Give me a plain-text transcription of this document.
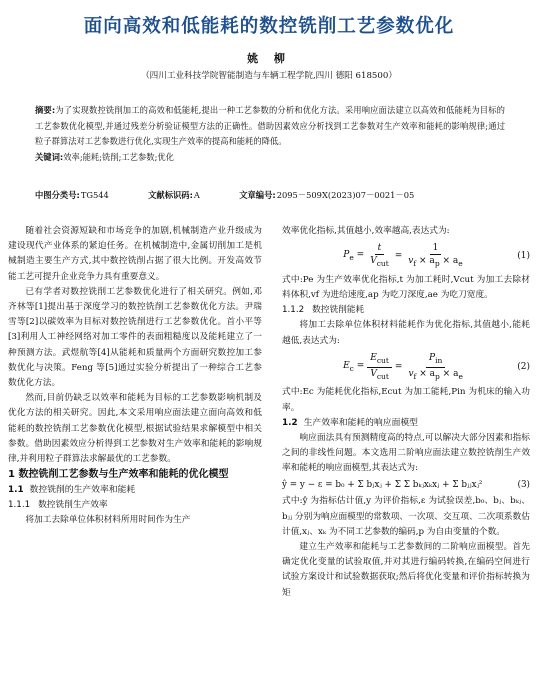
面向高效和低能耗的数控铣削工艺参数优化
姚 柳
（四川工业科技学院智能制造与车辆工程学院,四川 德阳 618500）
摘要:为了实现数控铣削加工的高效和低能耗,提出一种工艺参数的分析和优化方法。采用响应面法建立以高效和低能耗为目标的工艺参数优化模型,并通过残差分析验证模型方法的正确性。借助因素效应分析找到工艺参数对生产效率和能耗的影响规律;通过粒子群算法对工艺参数进行优化,实现生产效率的提高和能耗的降低。
关键词:效率;能耗;铣削;工艺参数;优化
中图分类号:TG544	文献标识码:A	文章编号:2095－509X(2023)07－0021－05

随着社会资源短缺和市场竞争的加剧,机械制造产业升级成为建设现代产业体系的紧迫任务。在机械制造中,金属切削加工是机械制造主要生产方式,其中数控铣削占据了很大比例。开发高效节能工艺可提升企业竞争力具有重要意义。

已有学者对数控铣削工艺参数优化进行了相关研究。例如,邓齐林等[1]提出基于深度学习的数控铣削工艺参数优化方法。尹瑞雪等[2]以碳效率为目标对数控铣削进行工艺参数优化。首小平等[3]利用人工神经网络对加工零件的表面粗糙度以及能耗建立了一种预测方法。武煜航等[4]从能耗和质量两个方面研究数控加工参数优化与决策。Feng 等[5]通过实验分析提出了一种综合工艺参数优化方法。

然而,目前仍缺乏以效率和能耗为目标的工艺参数影响机制及优化方法的相关研究。因此,本文采用响应面法建立面向高效和低能耗的数控铣削工艺参数优化模型,根据试验结果求解模型中相关参数。借助因素效应分析得到工艺参数对生产效率和能耗的影响规律,并利用粒子群算法求解最优的工艺参数。

1 数控铣削工艺参数与生产效率和能耗的优化模型

1.1 数控铣削的生产效率和能耗

1.1.1 数控铣削生产效率

将加工去除单位体积材料所用时间作为生产

效率优化指标,其值越小,效率越高,表达式为:

$P_e = \frac{t}{V_{cut}} = \frac{1}{v_f \times a_p \times a_e}$	(1)

式中:Pe 为生产效率优化指标,t 为加工耗时,Vcut 为加工去除材料体积,vf 为进给速度,ap 为吃刀深度,ae 为吃刀宽度。

1.1.2 数控铣削能耗

将加工去除单位体积材料能耗作为优化指标,其值越小,能耗越低,表达式为:

$E_c = \frac{E_{cut}}{V_{cut}} = \frac{P_{in}}{v_f \times a_p \times a_e}$	(2)

式中:Ec 为能耗优化指标,Ecut 为加工能耗,Pin 为机床的输入功率。

1.2 生产效率和能耗的响应面模型

响应面法具有预测精度高的特点,可以解决大部分因素和指标之间的非线性问题。本文选用二阶响应面法建立数控铣削生产效率和能耗的响应面模型,其表达式为:

ŷ = y − ε = b₀ + Σ bⱼxⱼ + Σ Σ bₖⱼxₖxⱼ + Σ bⱼⱼxⱼ²	(3)

式中:ŷ 为指标估计值,y 为评价指标,ε 为试验误差,b₀、bⱼ、bₖⱼ、bⱼⱼ 分别为响应面模型的常数项、一次项、交互项、二次项系数估计值,xⱼ、xₖ 为不同工艺参数的编码,p 为自由变量的个数。

建立生产效率和能耗与工艺参数间的二阶响应面模型。首先确定优化变量的试验取值,并对其进行编码转换,在编码空间进行试验方案设计和试验数据获取;然后将优化变量和评价指标转换为矩
